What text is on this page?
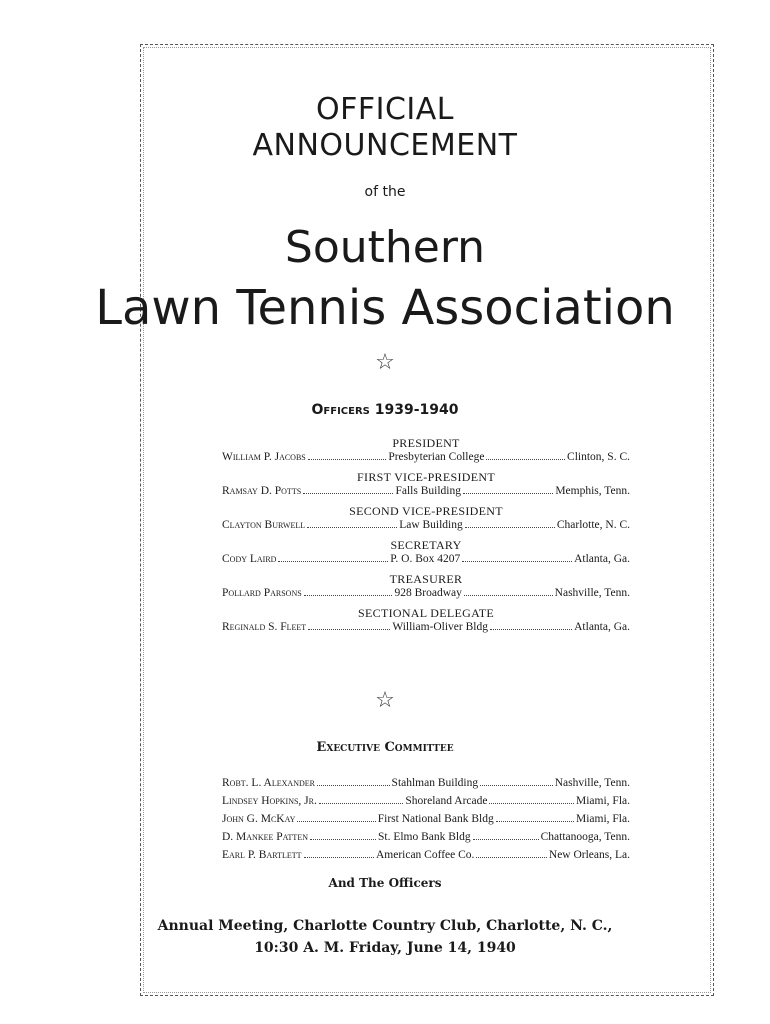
OFFICIAL
ANNOUNCEMENT
of the
Southern
Lawn Tennis Association
☆
Officers 1939-1940
PRESIDENT
William P. Jacobs	Presbyterian College	Clinton, S. C.
FIRST VICE-PRESIDENT
Ramsay D. Potts	Falls Building	Memphis, Tenn.
SECOND VICE-PRESIDENT
Clayton Burwell	Law Building	Charlotte, N. C.
SECRETARY
Cody Laird	P. O. Box 4207	Atlanta, Ga.
TREASURER
Pollard Parsons	928 Broadway	Nashville, Tenn.
SECTIONAL DELEGATE
Reginald S. Fleet	William-Oliver Bldg	Atlanta, Ga.
☆
Executive Committee
Robt. L. Alexander	Stahlman Building	Nashville, Tenn.
Lindsey Hopkins, Jr.	Shoreland Arcade	Miami, Fla.
John G. McKay	First National Bank Bldg	Miami, Fla.
D. Mankee Patten	St. Elmo Bank Bldg	Chattanooga, Tenn.
Earl P. Bartlett	American Coffee Co.	New Orleans, La.
And The Officers
Annual Meeting, Charlotte Country Club, Charlotte, N. C.,
10:30 A. M. Friday, June 14, 1940
